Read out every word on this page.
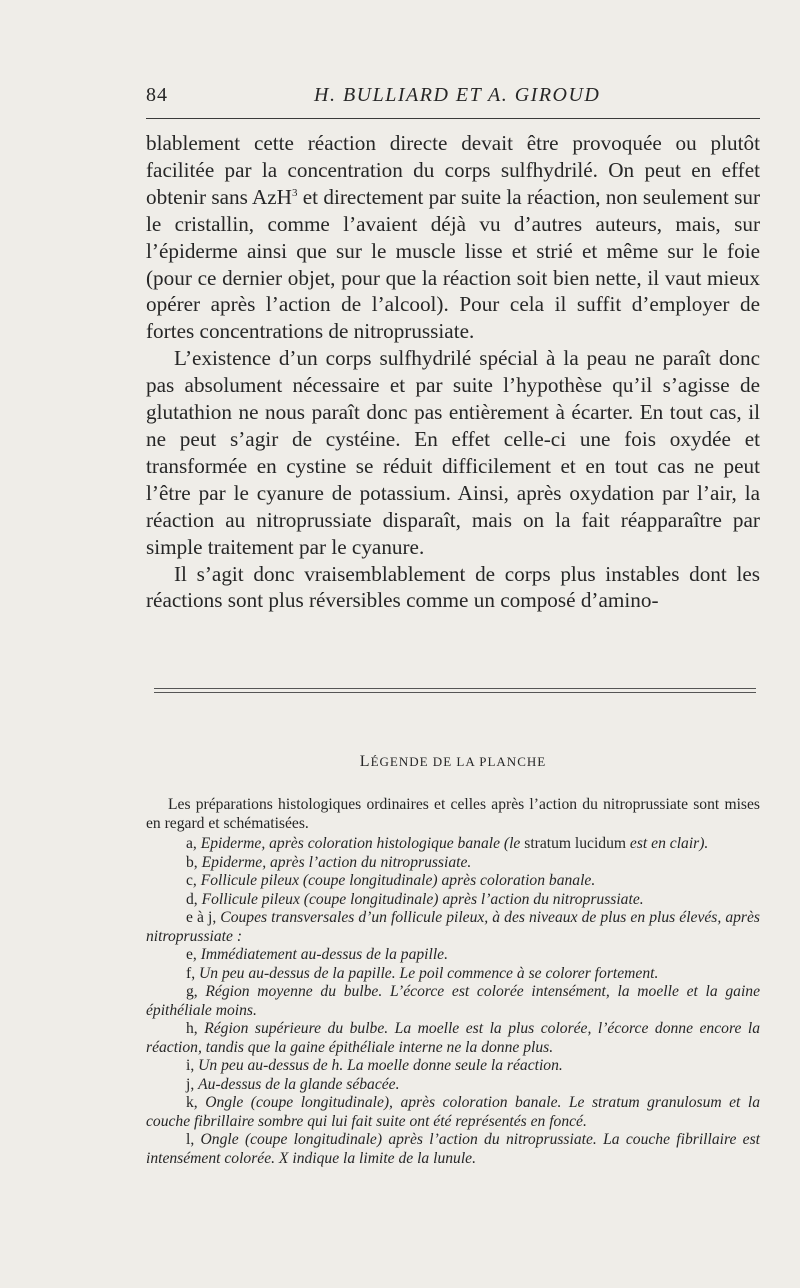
84	H. BULLIARD ET A. GIROUD

blablement cette réaction directe devait être provoquée ou plutôt facilitée par la concentration du corps sulfhydrilé. On peut en effet obtenir sans AzH$^3$ et directement par suite la réaction, non seulement sur le cristallin, comme l’avaient déjà vu d’autres auteurs, mais, sur l’épiderme ainsi que sur le muscle lisse et strié et même sur le foie (pour ce dernier objet, pour que la réaction soit bien nette, il vaut mieux opérer après l’action de l’alcool). Pour cela il suffit d’employer de fortes concentrations de nitroprussiate.

L’existence d’un corps sulfhydrilé spécial à la peau ne paraît donc pas absolument nécessaire et par suite l’hypothèse qu’il s’agisse de glutathion ne nous paraît donc pas entièrement à écarter. En tout cas, il ne peut s’agir de cystéine. En effet celle-ci une fois oxydée et transformée en cystine se réduit difficilement et en tout cas ne peut l’être par le cyanure de potassium. Ainsi, après oxydation par l’air, la réaction au nitroprussiate disparaît, mais on la fait réapparaître par simple traitement par le cyanure.

Il s’agit donc vraisemblablement de corps plus instables dont les réactions sont plus réversibles comme un composé d’amino-

LÉGENDE DE LA PLANCHE

Les préparations histologiques ordinaires et celles après l’action du nitroprussiate sont mises en regard et schématisées.

a, Epiderme, après coloration histologique banale (le stratum lucidum est en clair).

b, Epiderme, après l’action du nitroprussiate.

c, Follicule pileux (coupe longitudinale) après coloration banale.

d, Follicule pileux (coupe longitudinale) après l’action du nitroprussiate.

e à j, Coupes transversales d’un follicule pileux, à des niveaux de plus en plus élevés, après nitroprussiate :

e, Immédiatement au-dessus de la papille.

f, Un peu au-dessus de la papille. Le poil commence à se colorer fortement.

g, Région moyenne du bulbe. L’écorce est colorée intensément, la moelle et la gaine épithéliale moins.

h, Région supérieure du bulbe. La moelle est la plus colorée, l’écorce donne encore la réaction, tandis que la gaine épithéliale interne ne la donne plus.

i, Un peu au-dessus de h. La moelle donne seule la réaction.

j, Au-dessus de la glande sébacée.

k, Ongle (coupe longitudinale), après coloration banale. Le stratum granulosum et la couche fibrillaire sombre qui lui fait suite ont été représentés en foncé.

l, Ongle (coupe longitudinale) après l’action du nitroprussiate. La couche fibrillaire est intensément colorée. X indique la limite de la lunule.
